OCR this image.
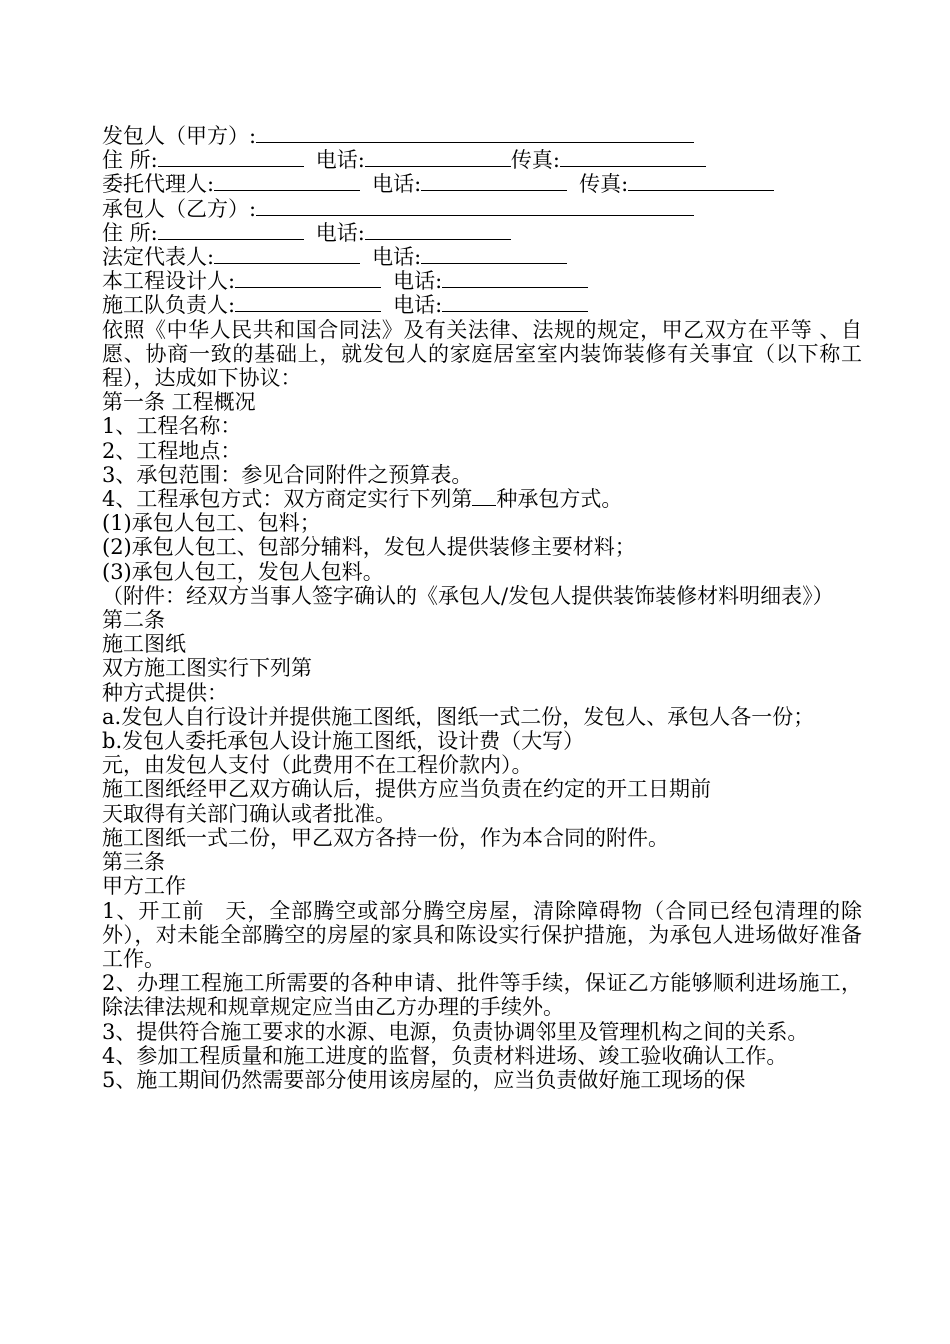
发包人（甲方）:
住 所:	电话:	传真:
委托代理人:	电话:	传真:
承包人（乙方）:
住 所:	电话:
法定代表人:	电话:
本工程设计人:	电话:
施工队负责人:	电话:
依照《中华人民共和国合同法》及有关法律、法规的规定，甲乙双方在平等 、自愿、协商一致的基础上，就发包人的家庭居室室内装饰装修有关事宜（以下称工程），达成如下协议：
第一条 工程概况
1、工程名称：
2、工程地点：
3、承包范围：参见合同附件之预算表。
4、工程承包方式：双方商定实行下列第 种承包方式。
(1)承包人包工、包料；
(2)承包人包工、包部分辅料，发包人提供装修主要材料；
(3)承包人包工，发包人包料。
（附件：经双方当事人签字确认的《承包人/发包人提供装饰装修材料明细表》）
第二条
施工图纸
双方施工图实行下列第
种方式提供：
a.发包人自行设计并提供施工图纸，图纸一式二份，发包人、承包人各一份；
b.发包人委托承包人设计施工图纸，设计费（大写）
元，由发包人支付（此费用不在工程价款内）。
施工图纸经甲乙双方确认后，提供方应当负责在约定的开工日期前
天取得有关部门确认或者批准。
施工图纸一式二份，甲乙双方各持一份，作为本合同的附件。
第三条
甲方工作
1、开工前 天，全部腾空或部分腾空房屋，清除障碍物（合同已经包清理的除外），对未能全部腾空的房屋的家具和陈设实行保护措施，为承包人进场做好准备工作。
2、办理工程施工所需要的各种申请、批件等手续，保证乙方能够顺利进场施工，除法律法规和规章规定应当由乙方办理的手续外。
3、提供符合施工要求的水源、电源，负责协调邻里及管理机构之间的关系。
4、参加工程质量和施工进度的监督，负责材料进场、竣工验收确认工作。
5、施工期间仍然需要部分使用该房屋的，应当负责做好施工现场的保
